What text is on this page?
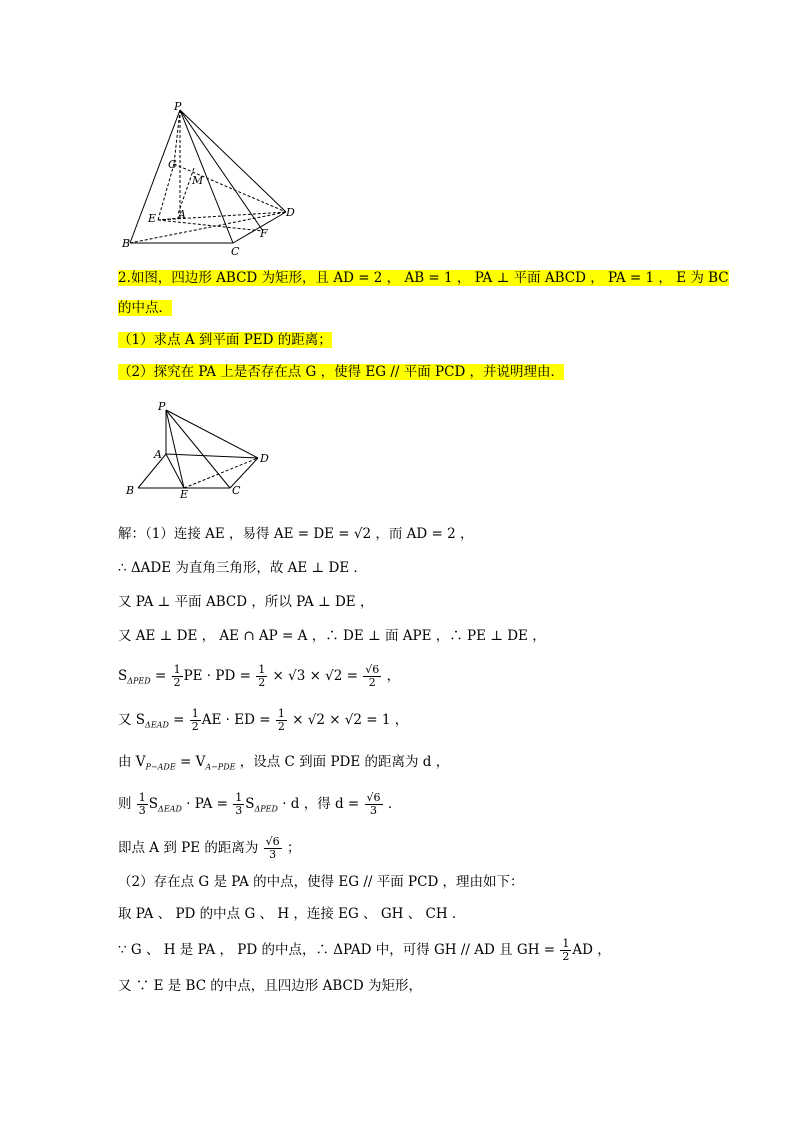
P
G
M
E A	D
B
C
F
2.如图，四边形 ABCD 为矩形，且 AD = 2 ， AB = 1 ， PA ⊥ 平面 ABCD ， PA = 1 ， E 为 BC
的中点．
（1）求点 A 到平面 PED 的距离；
（2）探究在 PA 上是否存在点 G ，使得 EG // 平面 PCD ，并说明理由．
P
A	D
B	E	C
解：（1）连接 AE ，易得 AE = DE = √2 ，而 AD = 2 ，
∴ ΔADE 为直角三角形，故 AE ⊥ DE ．
又 PA ⊥ 平面 ABCD ，所以 PA ⊥ DE ，
又 AE ⊥ DE ， AE ∩ AP = A ，∴ DE ⊥ 面 APE ，∴ PE ⊥ DE ，
$S_{\Delta PED} = \frac{1}{2}$ PE · PD = $\frac{1}{2} \times √3 \times √2 = \frac{√6}{2}$ ，
又 $S_{\Delta EAD} = \frac{1}{2}$ AE · ED = $\frac{1}{2} \times √2 \times √2 = 1$ ，
由 $V_{P-ADE} = V_{A-PDE}$ ，设点 C 到面 PDE 的距离为 d ，
则 $\frac{1}{3} S_{\Delta EAD}$ · PA = $\frac{1}{3} S_{\Delta PED} \cdot d$ ，得 $d = \frac{√6}{3}$ ．
即点 A 到 PE 的距离为 $\frac{√6}{3}$ ；
（2）存在点 G 是 PA 的中点，使得 EG // 平面 PCD ，理由如下：
取 PA 、 PD 的中点 G 、 H ，连接 EG 、 GH 、 CH ．
∵ G 、 H 是 PA ， PD 的中点，∴ ΔPAD 中，可得 GH // AD 且 GH = $\frac{1}{2}$ AD ，
又 ∵ E 是 BC 的中点，且四边形 ABCD 为矩形，
